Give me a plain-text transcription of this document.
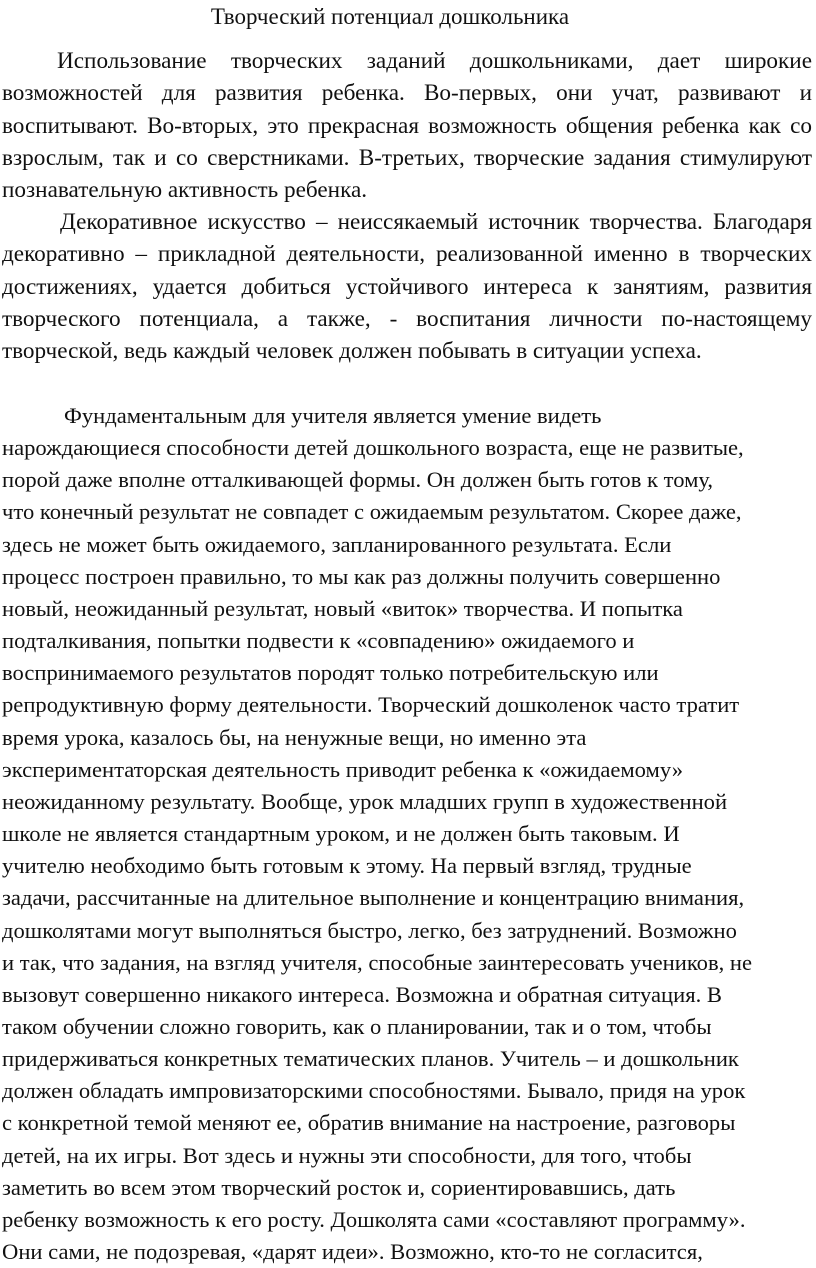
Творческий потенциал дошкольника

Использование творческих заданий дошкольниками, дает широкие возможностей для развития ребенка. Во-первых, они учат, развивают и воспитывают. Во-вторых, это прекрасная возможность общения ребенка как со взрослым, так и со сверстниками. В-третьих, творческие задания стимулируют познавательную активность ребенка.

Декоративное искусство – неиссякаемый источник творчества. Благодаря декоративно – прикладной деятельности, реализованной именно в творческих достижениях, удается добиться устойчивого интереса к занятиям, развития творческого потенциала, а также, - воспитания личности по-настоящему творческой, ведь каждый человек должен побывать в ситуации успеха.

Фундаментальным для учителя является умение видеть
нарождающиеся способности детей дошкольного возраста, еще не развитые,
порой даже вполне отталкивающей формы. Он должен быть готов к тому,
что конечный результат не совпадет с ожидаемым результатом. Скорее даже,
здесь не может быть ожидаемого, запланированного результата. Если
процесс построен правильно, то мы как раз должны получить совершенно
новый, неожиданный результат, новый «виток» творчества. И попытка
подталкивания, попытки подвести к «совпадению» ожидаемого и
воспринимаемого результатов породят только потребительскую или
репродуктивную форму деятельности. Творческий дошколенок часто тратит
время урока, казалось бы, на ненужные вещи, но именно эта
экспериментаторская деятельность приводит ребенка к «ожидаемому»
неожиданному результату. Вообще, урок младших групп в художественной
школе не является стандартным уроком, и не должен быть таковым. И
учителю необходимо быть готовым к этому. На первый взгляд, трудные
задачи, рассчитанные на длительное выполнение и концентрацию внимания,
дошколятами могут выполняться быстро, легко, без затруднений. Возможно
и так, что задания, на взгляд учителя, способные заинтересовать учеников, не
вызовут совершенно никакого интереса. Возможна и обратная ситуация. В
таком обучении сложно говорить, как о планировании, так и о том, чтобы
придерживаться конкретных тематических планов. Учитель – и дошкольник
должен обладать импровизаторскими способностями. Бывало, придя на урок
с конкретной темой меняют ее, обратив внимание на настроение, разговоры
детей, на их игры. Вот здесь и нужны эти способности, для того, чтобы
заметить во всем этом творческий росток и, сориентировавшись, дать
ребенку возможность к его росту. Дошколята сами «составляют программу».
Они сами, не подозревая, «дарят идеи». Возможно, кто-то не согласится,
